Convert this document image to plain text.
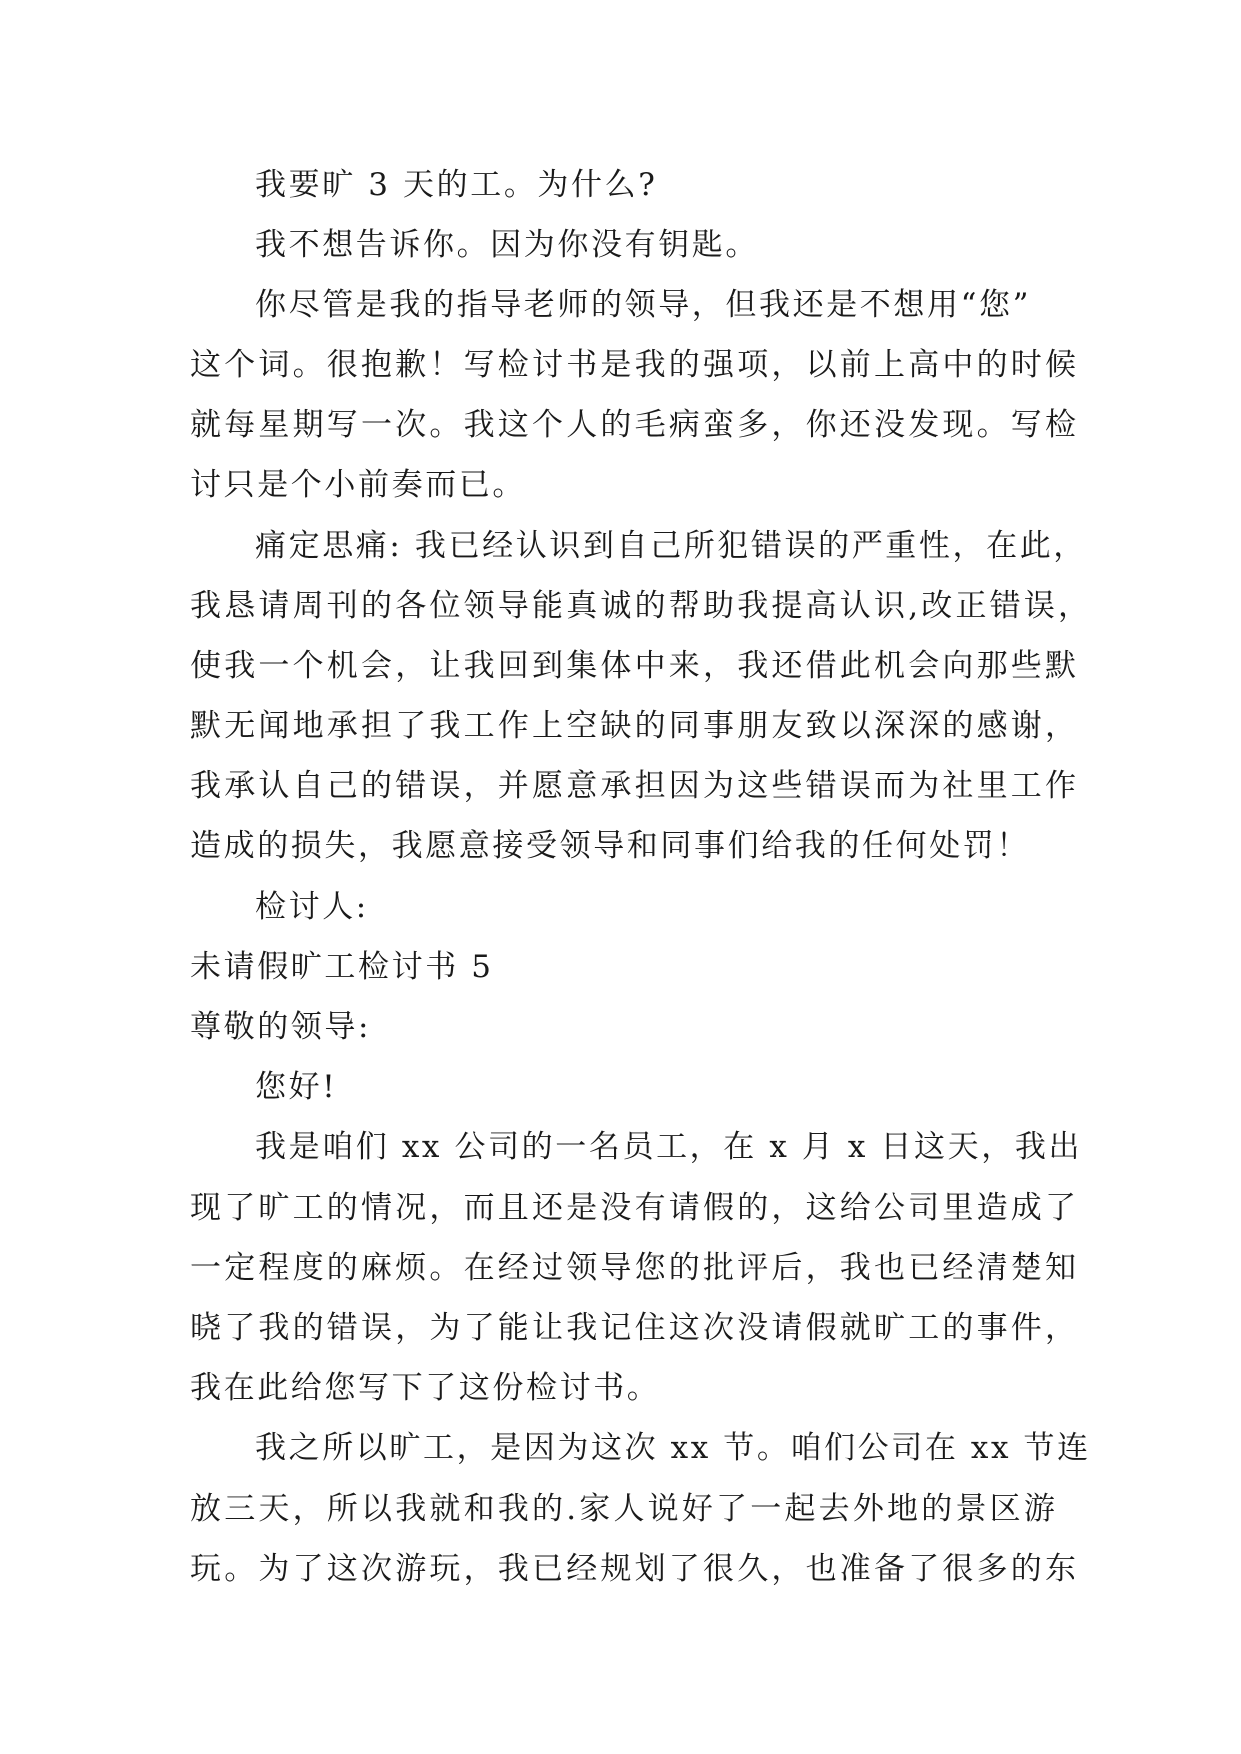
我要旷 3 天的工。为什么?
我不想告诉你。因为你没有钥匙。
你尽管是我的指导老师的领导，但我还是不想用“您”
这个词。很抱歉！写检讨书是我的强项，以前上高中的时候
就每星期写一次。我这个人的毛病蛮多，你还没发现。写检
讨只是个小前奏而已。
痛定思痛: 我已经认识到自己所犯错误的严重性，在此，
我恳请周刊的各位领导能真诚的帮助我提高认识,改正错误，
使我一个机会，让我回到集体中来，我还借此机会向那些默
默无闻地承担了我工作上空缺的同事朋友致以深深的感谢，
我承认自己的错误，并愿意承担因为这些错误而为社里工作
造成的损失，我愿意接受领导和同事们给我的任何处罚！
检讨人:
未请假旷工检讨书 5
尊敬的领导:
您好!
我是咱们 xx 公司的一名员工，在 x 月 x 日这天，我出
现了旷工的情况，而且还是没有请假的，这给公司里造成了
一定程度的麻烦。在经过领导您的批评后，我也已经清楚知
晓了我的错误，为了能让我记住这次没请假就旷工的事件，
我在此给您写下了这份检讨书。
我之所以旷工，是因为这次 xx 节。咱们公司在 xx 节连
放三天，所以我就和我的.家人说好了一起去外地的景区游
玩。为了这次游玩，我已经规划了很久，也准备了很多的东
